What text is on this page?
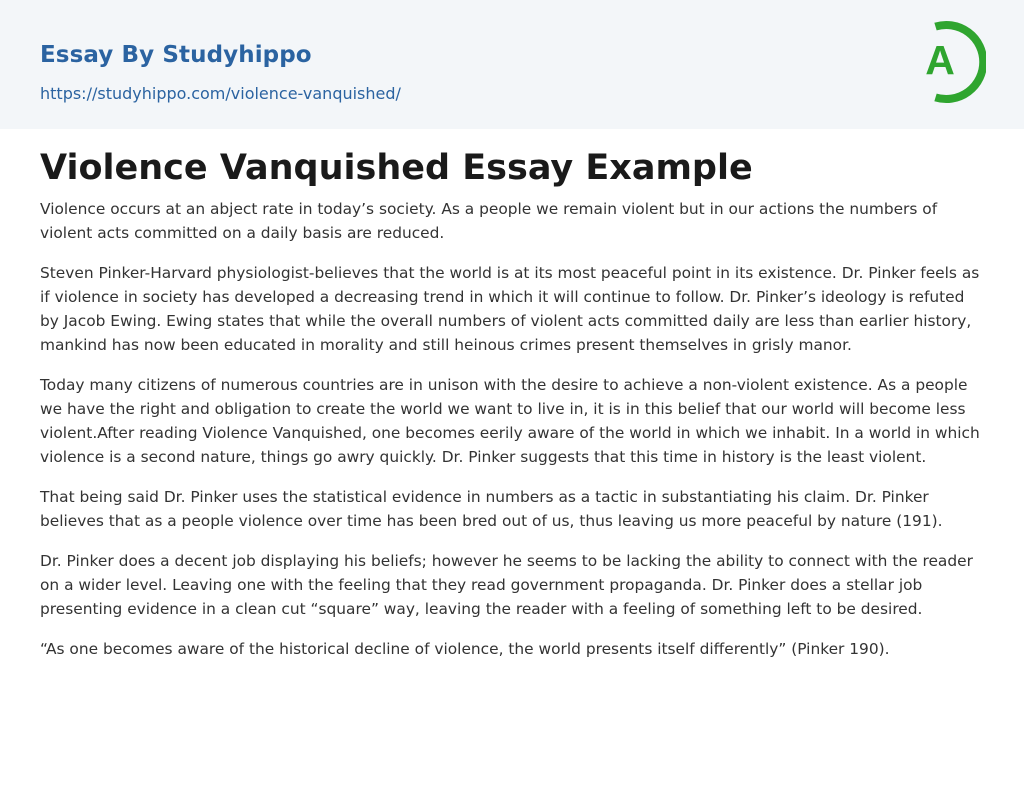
Essay By Studyhippo
https://studyhippo.com/violence-vanquished/
A
Violence Vanquished Essay Example

Violence occurs at an abject rate in today’s society. As a people we remain violent but in our actions the numbers of violent acts committed on a daily basis are reduced.

Steven Pinker-Harvard physiologist-believes that the world is at its most peaceful point in its existence. Dr. Pinker feels as if violence in society has developed a decreasing trend in which it will continue to follow. Dr. Pinker’s ideology is refuted by Jacob Ewing. Ewing states that while the overall numbers of violent acts committed daily are less than earlier history, mankind has now been educated in morality and still heinous crimes present themselves in grisly manor.

Today many citizens of numerous countries are in unison with the desire to achieve a non-violent existence. As a people we have the right and obligation to create the world we want to live in, it is in this belief that our world will become less violent.After reading Violence Vanquished, one becomes eerily aware of the world in which we inhabit. In a world in which violence is a second nature, things go awry quickly. Dr. Pinker suggests that this time in history is the least violent.

That being said Dr. Pinker uses the statistical evidence in numbers as a tactic in substantiating his claim. Dr. Pinker believes that as a people violence over time has been bred out of us, thus leaving us more peaceful by nature (191).

Dr. Pinker does a decent job displaying his beliefs; however he seems to be lacking the ability to connect with the reader on a wider level. Leaving one with the feeling that they read government propaganda. Dr. Pinker does a stellar job presenting evidence in a clean cut “square” way, leaving the reader with a feeling of something left to be desired.

“As one becomes aware of the historical decline of violence, the world presents itself differently” (Pinker 190).
